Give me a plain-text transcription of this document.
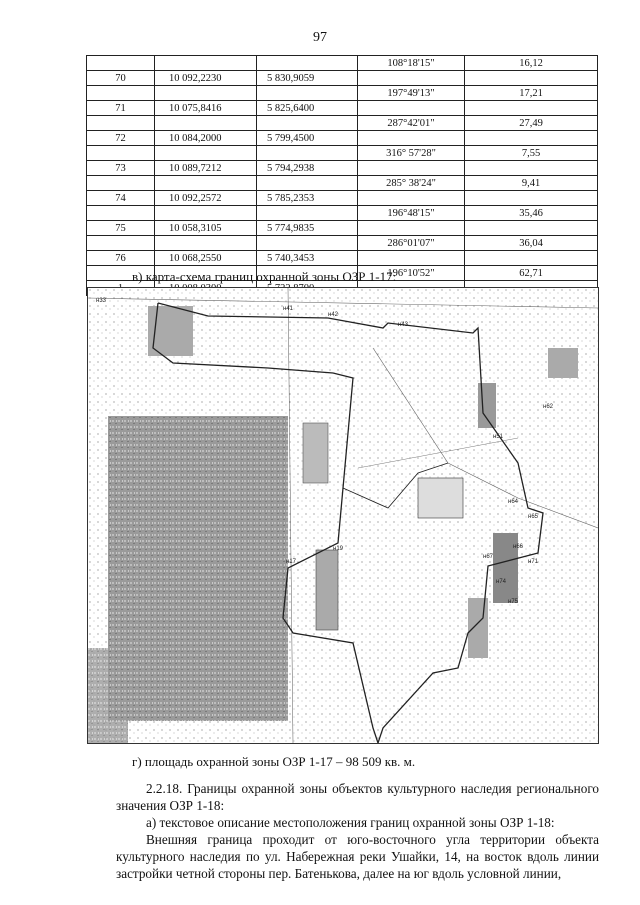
97
			108°18'15"	16,12
70	10 092,2230	5 830,9059		
			197°49'13"	17,21
71	10 075,8416	5 825,6400		
			287°42'01"	27,49
72	10 084,2000	5 799,4500		
			316° 57'28"	7,55
73	10 089,7212	5 794,2938		
			285° 38'24"	9,41
74	10 092,2572	5 785,2353		
			196°48'15"	35,46
75	10 058,3105	5 774,9835		
			286°01'07"	36,04
76	10 068,2550	5 740,3453		
			196°10'52"	62,71

в) карта-схема границ охранной зоны ОЗР 1-17:
н33
н41
н42
н43
н51
н62
н64
н65
н66
н67
н71
н74
н75
н19
н17
г) площадь охранной зоны ОЗР 1-17 – 98 509 кв. м.
2.2.18. Границы охранной зоны объектов культурного наследия регионального значения ОЗР 1-18:
а) текстовое описание местоположения границ охранной зоны ОЗР 1-18:
Внешняя граница проходит от юго-восточного угла территории объекта культурного наследия по ул. Набережная реки Ушайки, 14, на восток вдоль линии застройки четной стороны пер. Батенькова, далее на юг вдоль условной линии,
